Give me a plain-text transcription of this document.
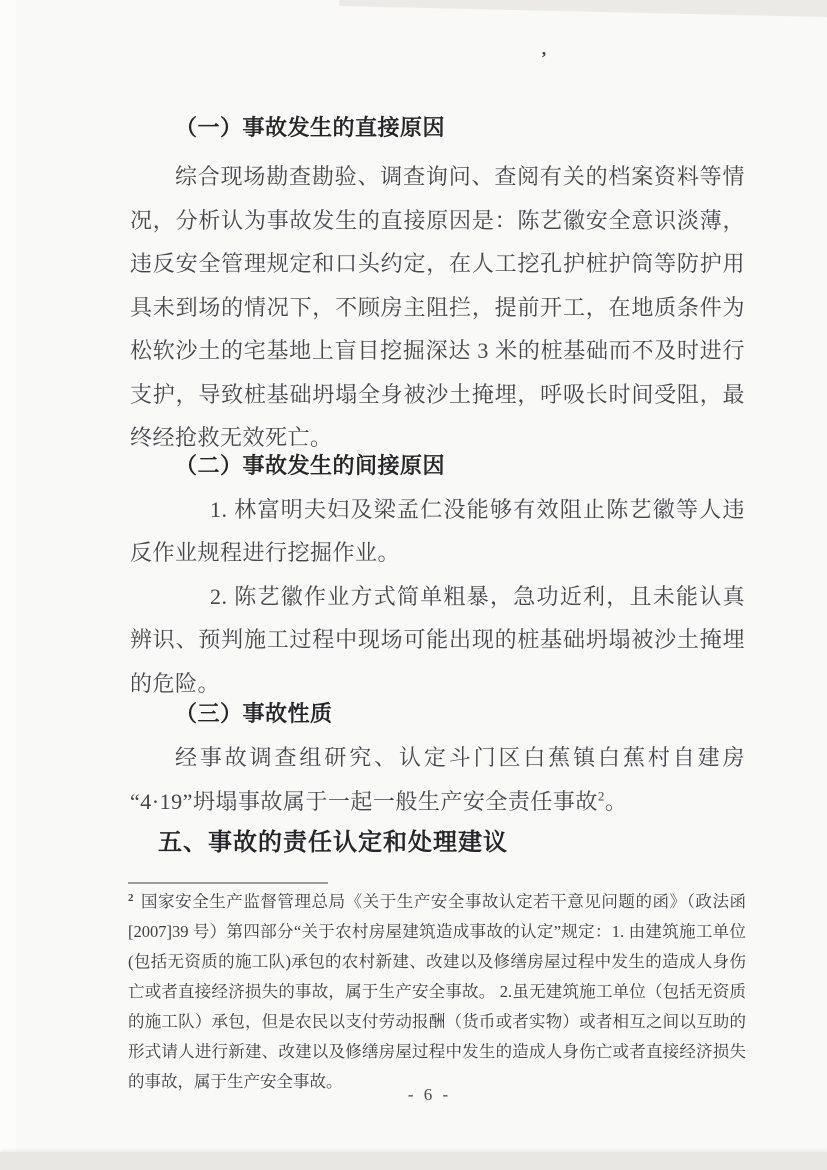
’
（一）事故发生的直接原因

综合现场勘查勘验、调查询问、查阅有关的档案资料等情况，分析认为事故发生的直接原因是：陈艺徽安全意识淡薄，违反安全管理规定和口头约定，在人工挖孔护桩护筒等防护用具未到场的情况下，不顾房主阻拦，提前开工，在地质条件为松软沙土的宅基地上盲目挖掘深达 3 米的桩基础而不及时进行支护，导致桩基础坍塌全身被沙土掩埋，呼吸长时间受阻，最终经抢救无效死亡。

（二）事故发生的间接原因

1. 林富明夫妇及梁孟仁没能够有效阻止陈艺徽等人违反作业规程进行挖掘作业。

2. 陈艺徽作业方式简单粗暴，急功近利，且未能认真辨识、预判施工过程中现场可能出现的桩基础坍塌被沙土掩埋的危险。

（三）事故性质
经事故调查组研究、认定斗门区白蕉镇白蕉村自建房
“4·19”坍塌事故属于一起一般生产安全责任事故$^2$。
五、事故的责任认定和处理建议
$^2$ 国家安全生产监督管理总局《关于生产安全事故认定若干意见问题的函》（政法函[2007]39 号）第四部分“关于农村房屋建筑造成事故的认定”规定：1. 由建筑施工单位(包括无资质的施工队)承包的农村新建、改建以及修缮房屋过程中发生的造成人身伤亡或者直接经济损失的事故，属于生产安全事故。 2.虽无建筑施工单位（包括无资质的施工队）承包，但是农民以支付劳动报酬（货币或者实物）或者相互之间以互助的形式请人进行新建、改建以及修缮房屋过程中发生的造成人身伤亡或者直接经济损失的事故，属于生产安全事故。
- 6 -
